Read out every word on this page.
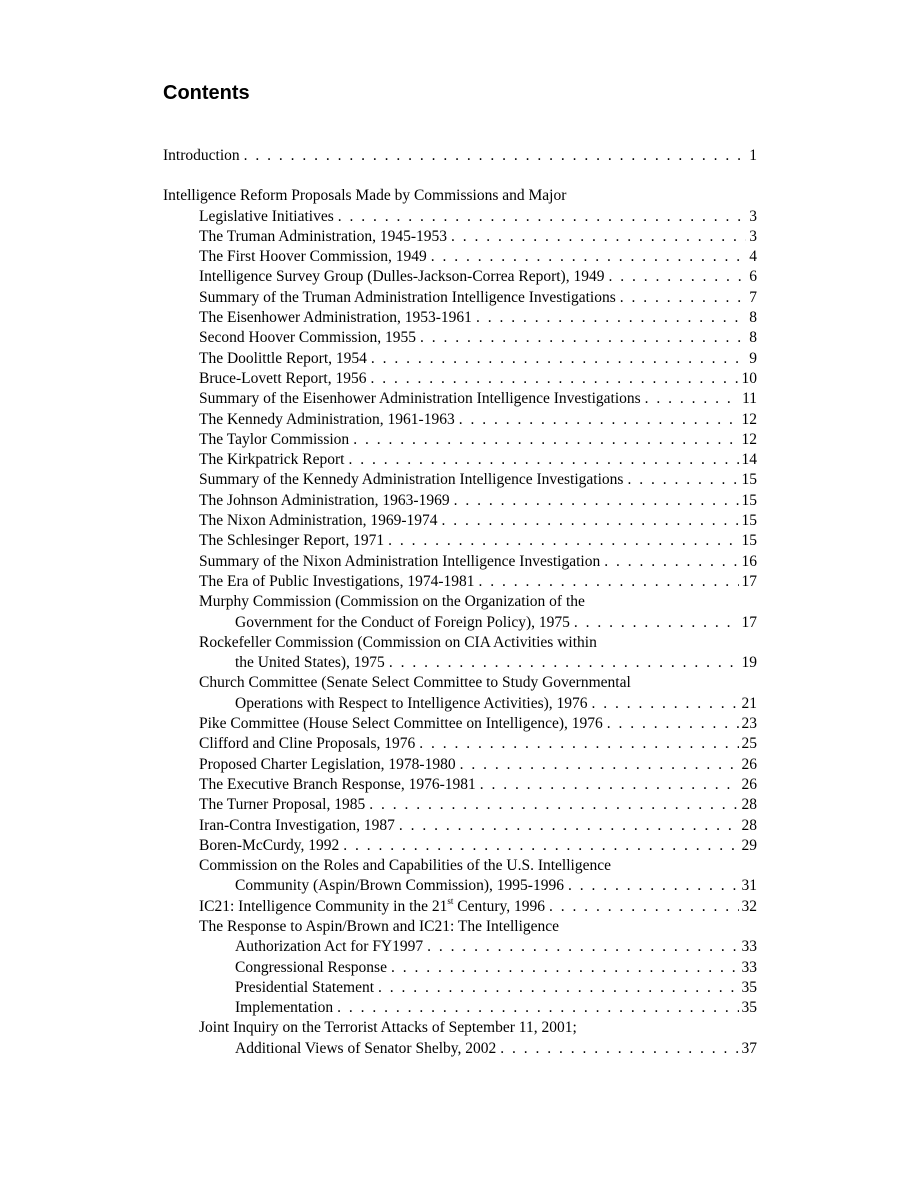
Contents
Introduction . . .	1
Intelligence Reform Proposals Made by Commissions and Major
Legislative Initiatives . . .	3
The Truman Administration, 1945-1953 . . .	3
The First Hoover Commission, 1949 . . .	4
Intelligence Survey Group (Dulles-Jackson-Correa Report), 1949 . . .	6
Summary of the Truman Administration Intelligence Investigations . . .	7
The Eisenhower Administration, 1953-1961 . . .	8
Second Hoover Commission, 1955 . . .	8
The Doolittle Report, 1954 . . .	9
Bruce-Lovett Report, 1956 . . .	10
Summary of the Eisenhower Administration Intelligence Investigations . . .	11
The Kennedy Administration, 1961-1963 . . .	12
The Taylor Commission . . .	12
The Kirkpatrick Report . . .	14
Summary of the Kennedy Administration Intelligence Investigations . . .	15
The Johnson Administration, 1963-1969 . . .	15
The Nixon Administration, 1969-1974 . . .	15
The Schlesinger Report, 1971 . . .	15
Summary of the Nixon Administration Intelligence Investigation . . .	16
The Era of Public Investigations, 1974-1981 . . .	17
Murphy Commission (Commission on the Organization of the
Government for the Conduct of Foreign Policy), 1975 . . .	17
Rockefeller Commission (Commission on CIA Activities within
the United States), 1975 . . .	19
Church Committee (Senate Select Committee to Study Governmental
Operations with Respect to Intelligence Activities), 1976 . . .	21
Pike Committee (House Select Committee on Intelligence), 1976 . . .	23
Clifford and Cline Proposals, 1976 . . .	25
Proposed Charter Legislation, 1978-1980 . . .	26
The Executive Branch Response, 1976-1981 . . .	26
The Turner Proposal, 1985 . . .	28
Iran-Contra Investigation, 1987 . . .	28
Boren-McCurdy, 1992 . . .	29
Commission on the Roles and Capabilities of the U.S. Intelligence
Community (Aspin/Brown Commission), 1995-1996 . . .	31
IC21: Intelligence Community in the 21st Century, 1996 . . .	32
The Response to Aspin/Brown and IC21: The Intelligence
Authorization Act for FY1997 . . .	33
Congressional Response . . .	33
Presidential Statement . . .	35
Implementation . . .	35
Joint Inquiry on the Terrorist Attacks of September 11, 2001;
Additional Views of Senator Shelby, 2002 . . .	37
